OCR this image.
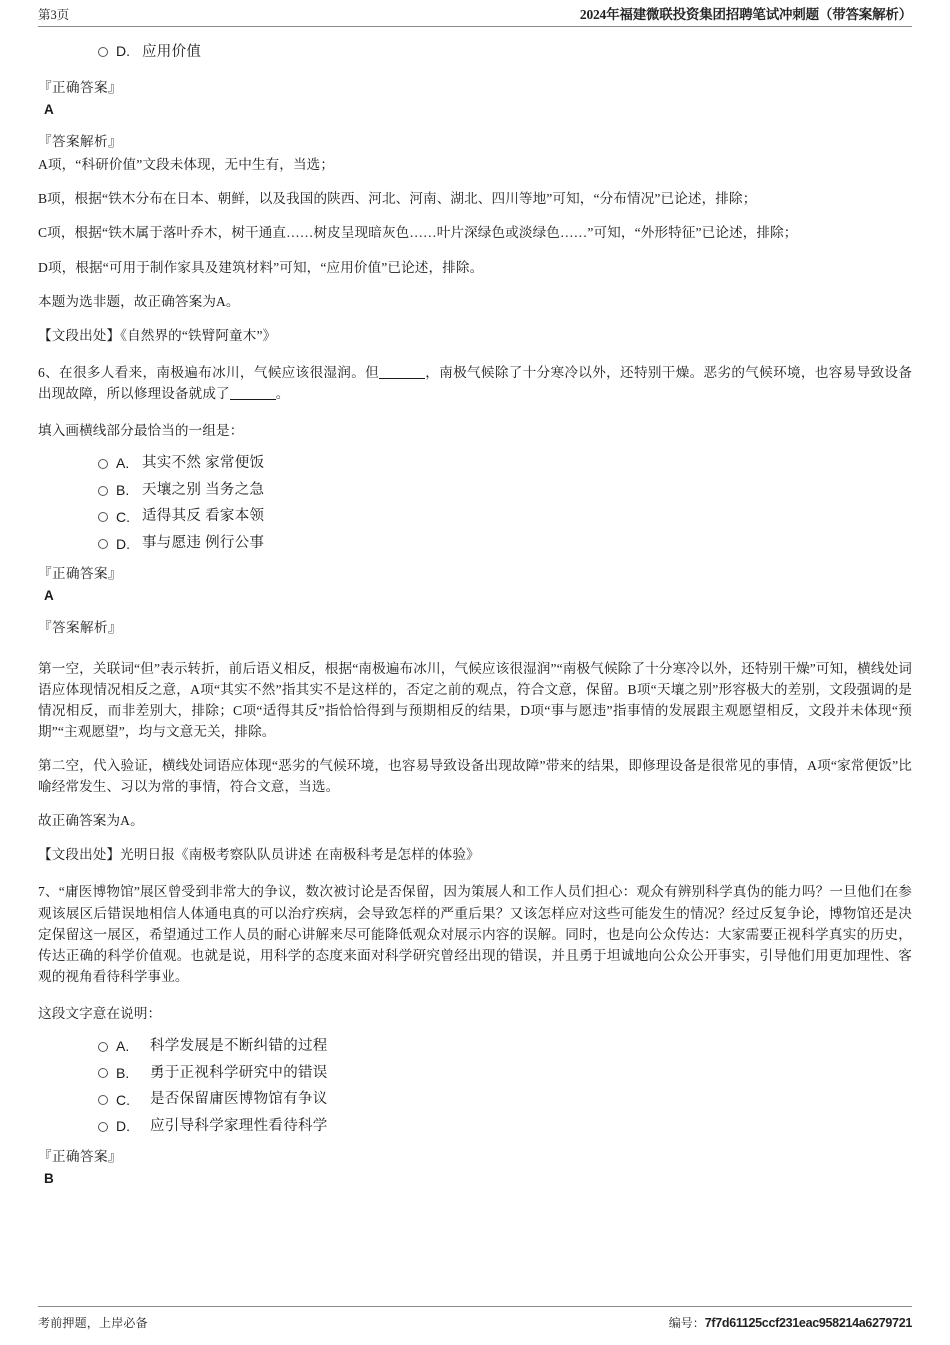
第3页	2024年福建微联投资集团招聘笔试冲刺题（带答案解析）
D. 应用价值

『正确答案』

A

『答案解析』

A项，“科研价值”文段未体现，无中生有，当选；

B项，根据“铁木分布在日本、朝鲜，以及我国的陕西、河北、河南、湖北、四川等地”可知，“分布情况”已论述，排除；

C项，根据“铁木属于落叶乔木，树干通直……树皮呈现暗灰色……叶片深绿色或淡绿色……”可知，“外形特征”已论述，排除；

D项，根据“可用于制作家具及建筑材料”可知，“应用价值”已论述，排除。

本题为选非题，故正确答案为A。

【文段出处】《自然界的“铁臂阿童木”》

6、在很多人看来，南极遍布冰川，气候应该很湿润。但	，南极气候除了十分寒冷以外，还特别干燥。恶劣的气候环境，也容易导致设备出现故障，所以修理设备就成了	。

填入画横线部分最恰当的一组是：

A. 其实不然 家常便饭
B. 天壤之别 当务之急
C. 适得其反 看家本领
D. 事与愿违 例行公事

『正确答案』

A

『答案解析』

第一空，关联词“但”表示转折，前后语义相反，根据“南极遍布冰川，气候应该很湿润”“南极气候除了十分寒冷以外，还特别干燥”可知，横线处词语应体现情况相反之意，A项“其实不然”指其实不是这样的，否定之前的观点，符合文意，保留。B项“天壤之别”形容极大的差别，文段强调的是情况相反，而非差别大，排除；C项“适得其反”指恰恰得到与预期相反的结果，D项“事与愿违”指事情的发展跟主观愿望相反，文段并未体现“预期”“主观愿望”，均与文意无关，排除。

第二空，代入验证，横线处词语应体现“恶劣的气候环境，也容易导致设备出现故障”带来的结果，即修理设备是很常见的事情，A项“家常便饭”比喻经常发生、习以为常的事情，符合文意，当选。

故正确答案为A。

【文段出处】光明日报《南极考察队队员讲述 在南极科考是怎样的体验》

7、“庸医博物馆”展区曾受到非常大的争议，数次被讨论是否保留，因为策展人和工作人员们担心：观众有辨别科学真伪的能力吗？一旦他们在参观该展区后错误地相信人体通电真的可以治疗疾病，会导致怎样的严重后果？又该怎样应对这些可能发生的情况？经过反复争论，博物馆还是决定保留这一展区，希望通过工作人员的耐心讲解来尽可能降低观众对展示内容的误解。同时，也是向公众传达：大家需要正视科学真实的历史，传达正确的科学价值观。也就是说，用科学的态度来面对科学研究曾经出现的错误，并且勇于坦诚地向公众公开事实，引导他们用更加理性、客观的视角看待科学事业。

这段文字意在说明：

A.	科学发展是不断纠错的过程
B.	勇于正视科学研究中的错误
C.	是否保留庸医博物馆有争议
D.	应引导科学家理性看待科学

『正确答案』

B

考前押题，上岸必备	编号：7f7d61125ccf231eac958214a6279721
